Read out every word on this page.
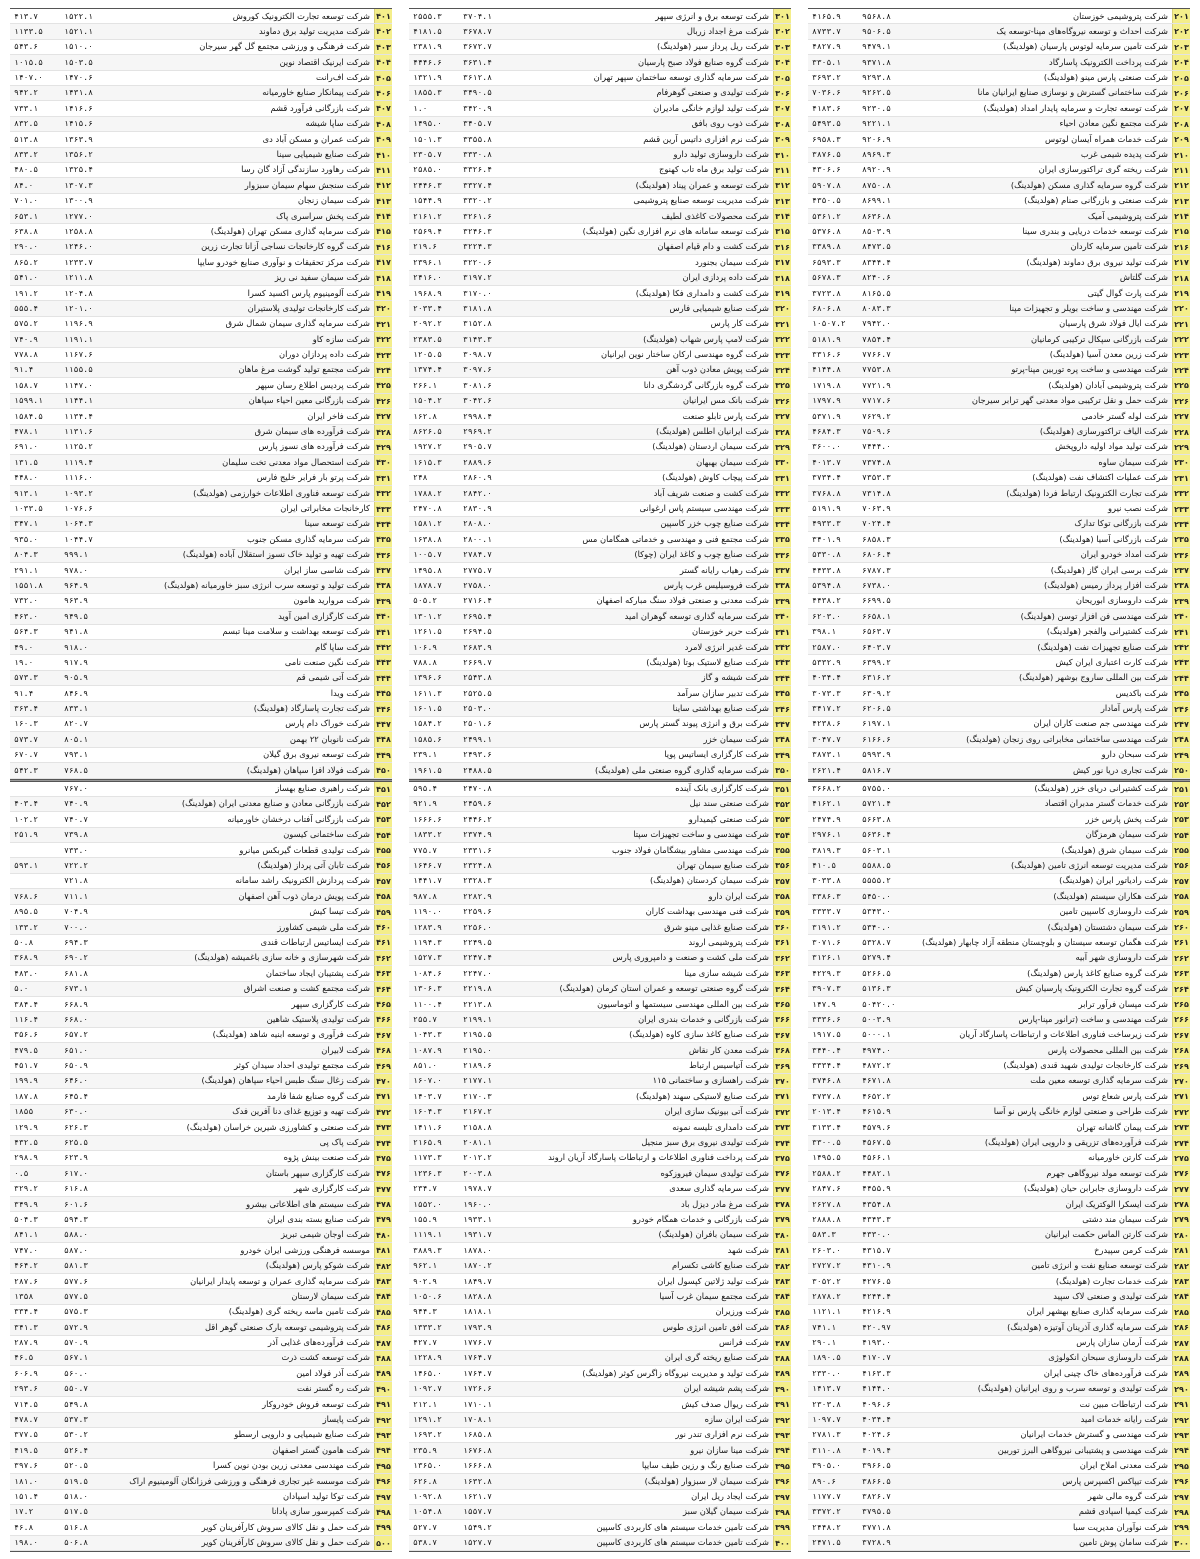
۴۰۱
شرکت توسعه تجارت الکترونیک کوروش
۱۵۲۲.۱
۴۱۳.۷
۴۰۲
شرکت مدیریت تولید برق دماوند
۱۵۲۱.۱
۱۱۳۳.۵
۴۰۳
شرکت فرهنگی و ورزشی مجتمع گل گهر سیرجان
۱۵۱۰.۰
۵۴۳.۶
۴۰۴
شرکت ایرنیک اقتصاد نوین
۱۵۰۳.۵
۱۰۱۵.۵
۴۰۵
شرکت اف‌رانت
۱۴۷۰.۶
۱۴۰۷.۰
۴۰۶
شرکت پیمانکار صنایع خاورمیانه
۱۴۳۱.۸
۹۴۲.۲
۴۰۷
شرکت بازرگانی فرآورد قشم
۱۴۱۶.۶
۷۳۳.۱
۴۰۸
شرکت ساپا شیشه
۱۴۱۵.۶
۸۳۲.۵
۴۰۹
شرکت عمران و مسکن آباد دی
۱۳۶۳.۹
۵۱۳.۸
۴۱۰
شرکت صنایع شیمیایی سینا
۱۳۵۶.۲
۸۳۳.۲
۴۱۱
شرکت رهاورد سازندگی آزاد گان رسا
۱۳۲۵.۴
۴۸۰.۵
۴۱۲
شرکت سنجش سهام سیمان سبزوار
۱۳۰۷.۳
۸۴.۰
۴۱۳
شرکت سیمان زنجان
۱۳۰۰.۹
۷۰۱.۰
۴۱۴
شرکت پخش سراسری پاک
۱۲۷۷.۰
۶۵۳.۱
۴۱۵
شرکت سرمایه گذاری مسکن تهران (هولدینگ)
۱۲۵۸.۸
۶۳۸.۸
۴۱۶
شرکت گروه کارخانجات نساجی آزانا تجارت زرین
۱۲۴۶.۰
۲۹۰.۰
۴۱۷
شرکت مرکز تحقیقات و نوآوری صنایع خودرو سایپا
۱۲۳۳.۷
۸۶۵.۲
۴۱۸
شرکت سیمان سفید نی ریز
۱۲۱۱.۸
۵۴۱.۰
۴۱۹
شرکت آلومینیوم پارس اکسید کسرا
۱۲۰۴.۸
۱۹۱.۲
۴۲۰
شرکت کارخانجات تولیدی پلاستیران
۱۲۰۱.۰
۵۵۵.۴
۴۲۱
شرکت سرمایه گذاری سیمان شمال شرق
۱۱۹۶.۹
۵۷۵.۲
۴۲۲
شرکت سازه کاو
۱۱۹۱.۱
۷۴۰.۹
۴۲۳
شرکت داده پردازان دوران
۱۱۶۷.۶
۷۷۸.۸
۴۲۴
شرکت مجتمع تولید گوشت مرغ ماهان
۱۱۵۵.۵
۹۱.۴
۴۲۵
شرکت پردیس اطلاع رسان سپهر
۱۱۴۷.۰
۱۵۸.۷
۴۲۶
شرکت بازرگانی معین احیاء سپاهان
۱۱۴۴.۱
۱۵۹۹.۱
۴۲۷
شرکت فاخر ایران
۱۱۳۴.۴
۱۵۸۴.۵
۴۲۸
شرکت فرآورده های سیمان شرق
۱۱۳۱.۶
۴۷۸.۱
۴۲۹
شرکت فرآورده های نسوز پارس
۱۱۲۵.۲
۶۹۱.۰
۴۳۰
شرکت استحصال مواد معدنی تخت سلیمان
۱۱۱۹.۴
۱۳۱.۵
۴۳۱
شرکت پرتو بار فرابر خلیج فارس
۱۱۱۶.۰
۴۴۸.۰
۴۳۲
شرکت توسعه فناوری اطلاعات خوارزمی (هولدینگ)
۱۰۹۳.۲
۹۱۳.۱
۴۳۳
کارخانجات مخابراتی ایران
۱۰۷۶.۶
۱۰۳۳.۵
۴۳۴
شرکت توسعه سینا
۱۰۶۴.۳
۳۴۷.۱
۴۳۵
شرکت سرمایه گذاری مسکن جنوب
۱۰۴۴.۷
۹۳۵.۰
۴۳۶
شرکت تهیه و تولید خاک نسوز استقلال آباده (هولدینگ)
۹۹۹.۱
۸۰۴.۳
۴۳۷
شرکت شاسی ساز ایران
۹۷۸.۰
۲۹۱.۱
۴۳۸
شرکت تولید و توسعه سرب انرژی سبز خاورمیانه (هولدینگ)
۹۶۴.۹
۱۵۵۱.۸
۴۳۹
شرکت مروارید هامون
۹۶۳.۹
۷۳۲.۰
۴۴۰
شرکت کارگزاری امین آوید
۹۴۹.۵
۴۶۳.۰
۴۴۱
شرکت توسعه بهداشت و سلامت مینا تبسم
۹۴۱.۸
۵۶۴.۳
۴۴۲
شرکت ساپا گام
۹۱۸.۰
۴۹.۰
۴۴۳
شرکت نگین صنعت نامی
۹۱۷.۹
۱۹.۰
۴۴۴
شرکت آتی شیمی قم
۹۰۵.۹
۵۷۳.۳
۴۴۵
شرکت ویدا
۸۴۶.۹
۹۱.۴
۴۴۶
شرکت تجارت پاسارگاد (هولدینگ)
۸۳۳.۱
۳۶۳.۴
۴۴۷
شرکت خوراک دام پارس
۸۲۰.۷
۱۶۰.۳
۴۴۸
شرکت نانوبان ۲۲ بهمن
۸۰۵.۱
۵۷۳.۷
۴۴۹
شرکت توسعه نیروی برق گیلان
۷۹۳.۱
۶۷۰.۷
۴۵۰
شرکت فولاد افزا سپاهان (هولدینگ)
۷۶۸.۵
۵۴۲.۳
۴۵۱
شرکت راهبری صنایع بهساز
۷۶۷.۰
۴۵۲
شرکت بازرگانی معادن و صنایع معدنی ایران (هولدینگ)
۷۴۰.۹
۴۰۳.۴
۴۵۳
شرکت بازرگانی آفتاب درخشان خاورمیانه
۷۴۰.۷
۱۰۲.۲
۴۵۴
شرکت ساختمانی کیسون
۷۳۹.۸
۲۵۱.۹
۴۵۵
شرکت تولیدی قطعات گیربکس میانرو
۷۳۳.۰
۴۵۶
شرکت تابان آتی پرداز (هولدینگ)
۷۲۲.۲
۵۹۳.۱
۴۵۷
شرکت پردازش الکترونیک راشد سامانه
۷۲۱.۸
۴۵۸
شرکت پویش درمان ذوب آهن اصفهان
۷۱۱.۱
۷۶۸.۶
۴۵۹
شرکت تیسا کیش
۷۰۴.۹
۸۹۵.۵
۴۶۰
شرکت ملی شیمی کشاورز
۷۰۰.۰
۱۳۳.۲
۴۶۱
شرکت ایساتیس ارتباطات قندی
۶۹۴.۳
۵۰.۸
۴۶۲
شرکت شهرسازی و خانه سازی باغمیشه (هولدینگ)
۶۹۰.۲
۳۶۸.۹
۴۶۳
شرکت پشتیبان ایجاد ساختمان
۶۸۱.۸
۴۸۳.۰
۴۶۴
شرکت مجتمع کشت و صنعت اشراق
۶۷۳.۱
۵.۰
۴۶۵
شرکت کارگزاری سپهر
۶۶۸.۹
۳۸۴.۴
۴۶۶
شرکت تولیدی پلاستیک شاهین
۶۶۸.۰
۱۱۶.۴
۴۶۷
شرکت فرآوری و توسعه ابنیه شاهد (هولدینگ)
۶۵۷.۲
۳۵۶.۶
۴۶۸
شرکت لابیران
۶۵۱.۰
۴۷۹.۵
۴۶۹
شرکت مجتمع تولیدی احداد سیدان کوثر
۶۵۰.۹
۴۵۱.۷
۴۷۰
شرکت زغال سنگ طبس احیاء سپاهان (هولدینگ)
۶۴۶.۰
۱۹۹.۹
۴۷۱
شرکت گروه صنایع شفا فارمد
۶۴۵.۴
۱۸۷.۸
۴۷۲
شرکت تهیه و توزیع غذای دنا آفرین فدک
۶۳۰.۰
۱۸۵۵
۴۷۳
شرکت صنعتی و کشاورزی شیرین خراسان (هولدینگ)
۶۲۶.۳
۱۲۹.۹
۴۷۴
شرکت پاک پی
۶۲۵.۵
۴۳۲.۵
۴۷۵
شرکت صنعت بینش پژوه
۶۲۳.۹
۲۹۸.۹
۴۷۶
شرکت کارگزاری سپهر باستان
۶۱۷.۰
۰.۵
۴۷۷
شرکت کارگزاری شهر
۶۱۶.۸
۳۲۹.۲
۴۷۸
شرکت سیستم های اطلاعاتی بیشرو
۶۰۱.۶
۳۴۹.۹
۴۷۹
شرکت صنایع بسته بندی ایران
۵۹۴.۳
۵۰۴.۳
۴۸۰
شرکت اوجان شیمی تبریز
۵۸۸.۰
۸۴۱.۱
۴۸۱
موسسه فرهنگی ورزشی ایران خودرو
۵۸۷.۰
۷۴۷.۰
۴۸۲
شرکت شوکو پارس (هولدینگ)
۵۸۱.۳
۴۶۴.۲
۴۸۳
شرکت سرمایه گذاری عمران و توسعه پایدار ایرانیان
۵۷۷.۶
۲۸۷.۶
۴۸۴
شرکت سیمان لارستان
۵۷۷.۵
۱۳۵۸
۴۸۵
شرکت تامین ماسه ریخته گری (هولدینگ)
۵۷۵.۳
۳۳۴.۴
۴۸۶
شرکت پتروشیمی توسعه بارک صنعتی گوهر اقل
۵۷۲.۹
۳۴۱.۳
۴۸۷
شرکت فرآورده‌های غذایی آذر
۵۷۰.۹
۲۸۷.۹
۴۸۸
شرکت توسعه کشت ذرت
۵۶۷.۱
۴۶.۵
۴۸۹
شرکت آذر فولاد امین
۵۶۰.۰
۶۰۶.۹
۴۹۰
شرکت ره گستر نفت
۵۵۰.۷
۲۹۳.۶
۴۹۱
شرکت توسعه فروش خودروکار
۵۴۹.۸
۷۱۴.۵
۴۹۲
شرکت پایساز
۵۳۷.۳
۴۷۸.۷
۴۹۳
شرکت صنایع شیمیایی و دارویی ارسطو
۵۳۰.۲
۳۷۷.۵
۴۹۴
شرکت هامون گستر اصفهان
۵۲۶.۴
۴۱۹.۵
۴۹۵
شرکت مهندسی معدنی زرین بودن نوین کسرا
۵۲۰.۵
۳۹۷.۶
۴۹۶
شرکت موسسه غیر تجاری فرهنگی و ورزشی فرزانگان آلومینیوم اراک
۵۱۹.۵
۱۸۱.۰
۴۹۷
شرکت توکا تولید اسپادان
۵۱۸.۰
۱۵۱.۴
۴۹۸
شرکت کمپرسور سازی پادانا
۵۱۷.۵
۱۷.۲
۴۹۹
شرکت حمل و نقل کالای سروش کارآفرینان کویر
۵۱۶.۸
۴۶.۸
۵۰۰
شرکت حمل و نقل کالای سروش کارآفرینان کویر
۵۰۶.۸
۱۹۸.۰
۳۰۱
شرکت توسعه برق و انرژی سپهر
۳۷۰۴.۱
۲۵۵۵.۳
۳۰۲
شرکت مرغ اجداد زربال
۳۶۷۸.۷
۴۱۸۱.۵
۳۰۳
شرکت ریل پرداز سیر (هولدینگ)
۳۶۷۲.۷
۲۳۸۱.۹
۳۰۴
شرکت گروه صنایع فولاد صبح پارسیان
۳۶۳۱.۴
۴۴۴۶.۶
۳۰۵
شرکت سرمایه گذاری توسعه ساختمان سپهر تهران
۳۶۱۲.۸
۱۳۲۱.۹
۳۰۶
شرکت تولیدی و صنعتی گوهرفام
۳۴۹۰.۵
۱۸۵۵.۳
۳۰۷
شرکت تولید لوازم خانگی مادیران
۳۴۲۰.۹
۱.۰
۳۰۸
شرکت ذوب روی بافق
۳۴۰۵.۷
۱۴۹۵.۰
۳۰۹
شرکت نرم افزاری داتیس آرین قشم
۳۳۵۵.۸
۱۵۰۱.۳
۳۱۰
شرکت داروسازی تولید دارو
۳۳۳۰.۸
۲۳۰۵.۷
۳۱۱
شرکت تولید برق ماه تاب کهنوج
۳۳۲۶.۴
۲۵۸۵.۰
۳۱۲
شرکت توسعه و عمران پیناد (هولدینگ)
۳۳۲۷.۴
۲۴۴۶.۳
۳۱۳
شرکت مدیریت توسعه صنایع پتروشیمی
۳۳۲۰.۲
۱۵۴۴.۹
۳۱۴
شرکت محصولات کاغذی لطیف
۳۲۶۱.۶
۲۱۶۱.۲
۳۱۵
شرکت توسعه سامانه های نرم افزاری نگین (هولدینگ)
۳۲۴۶.۳
۲۵۶۹.۴
۳۱۶
شرکت کشت و دام قیام اصفهان
۳۲۲۴.۳
۲۱۹.۶
۳۱۷
شرکت سیمان بجنورد
۳۲۲۰.۶
۲۳۹۶.۱
۳۱۸
شرکت داده پردازی ایران
۳۱۹۷.۲
۲۴۱۶.۰
۳۱۹
شرکت کشت و دامداری فکا (هولدینگ)
۳۱۷۰.۰
۱۹۶۸.۹
۳۲۰
شرکت صنایع شیمیایی فارس
۳۱۸۱.۸
۲۰۳۳.۴
۳۲۱
شرکت کار پارس
۳۱۵۲.۸
۲۰۹۲.۲
۳۲۲
شرکت لامپ پارس شهاب (هولدینگ)
۳۱۴۳.۳
۲۳۸۳.۵
۳۲۳
شرکت گروه مهندسی ارکان ساختار نوین ایرانیان
۳۰۹۸.۷
۱۲۰۵.۵
۳۲۴
شرکت پویش معادن ذوب آهن
۳۰۹۷.۶
۱۳۷۴.۴
۳۲۵
شرکت گروه بازرگانی گردشگری دانا
۳۰۸۱.۶
۲۶۶.۱
۳۲۶
شرکت بانک مس ایرانیان
۳۰۴۲.۶
۱۵۰۴.۲
۳۲۷
شرکت پارس تابلو صنعت
۲۹۹۸.۴
۱۶۲.۸
۳۲۸
شرکت ایرانیان اطلس (هولدینگ)
۲۹۶۹.۲
۸۶۲۶.۵
۳۲۹
شرکت سیمان اردستان (هولدینگ)
۲۹۰۵.۷
۱۹۲۷.۲
۳۳۰
شرکت سیمان بهبهان
۲۸۸۹.۶
۱۶۱۵.۳
۳۳۱
شرکت پیچاب کاوش (هولدینگ)
۲۸۶۰.۹
۲۴۸
۳۳۲
شرکت کشت و صنعت شریف آباد
۲۸۴۲.۰
۱۷۸۸.۲
۳۳۳
شرکت مهندسی سیستم پاس ارغوانی
۲۸۳۰.۹
۲۴۷۰.۸
۳۳۴
شرکت صنایع چوب خزر کاسپین
۲۸۰۸.۰
۱۵۸۱.۲
۳۳۵
شرکت مجتمع فنی و مهندسی و خدماتی همگامان مس
۲۸۰۰.۱
۱۶۳۸.۸
۳۳۶
شرکت صنایع چوب و کاغذ ایران (چوکا)
۲۷۸۴.۷
۱۰۰۵.۷
۳۳۷
شرکت رهیاب رایانه گستر
۲۷۷۵.۷
۱۴۹۵.۸
۳۳۸
شرکت فروسیلیس غرب پارس
۲۷۵۸.۰
۱۸۷۸.۷
۳۳۹
شرکت معدنی و صنعتی فولاد سنگ مبارکه اصفهان
۲۷۱۶.۴
۵۰۵.۲
۳۴۰
شرکت سرمایه گذاری توسعه گوهران امید
۲۶۹۵.۴
۱۳۰۱.۲
۳۴۱
شرکت حریر خوزستان
۲۶۹۴.۵
۱۲۶۱.۵
۳۴۲
شرکت غدیر انرژی لامرد
۲۶۸۳.۹
۱۰۶.۹
۳۴۳
شرکت صنایع لاستیک بوتا (هولدینگ)
۲۶۶۹.۷
۷۸۸.۸
۳۴۴
شرکت شیشه و گاز
۲۵۴۳.۸
۱۳۹۶.۶
۳۴۵
شرکت تدبیر سازان سرآمد
۲۵۲۵.۵
۱۶۱۱.۳
۳۴۶
شرکت صنایع بهداشتی ساینا
۲۵۰۳.۰
۱۶۰۱.۵
۳۴۷
شرکت برق و انرژی پیوند گستر پارس
۲۵۰۱.۶
۱۵۸۴.۲
۳۴۸
شرکت سیمان خزر
۲۴۹۹.۱
۱۵۸۵.۶
۳۴۹
شرکت کارگزاری ایساتیس پویا
۲۴۹۳.۶
۲۳۹.۱
۳۵۰
شرکت سرمایه گذاری گروه صنعتی ملی (هولدینگ)
۲۴۸۸.۵
۱۹۶۱.۵
۳۵۱
شرکت کارگزاری بانک آینده
۲۴۷۰.۸
۵۹۵.۴
۳۵۲
شرکت صنعتی سند نیل
۲۴۵۹.۶
۹۲۱.۹
۳۵۳
شرکت صنعتی کیمیدارو
۲۴۴۶.۲
۱۶۶۶.۶
۳۵۴
شرکت مهندسی و ساخت تجهیزات سپتا
۲۳۷۴.۹
۱۸۳۳.۲
۳۵۵
شرکت مهندسی مشاور بیشگامان فولاد جنوب
۲۳۳۱.۶
۷۷۵.۷
۳۵۶
شرکت صنایع سیمان تهران
۲۳۲۴.۸
۱۶۴۶.۷
۳۵۷
شرکت سیمان کردستان (هولدینگ)
۲۳۲۸.۳
۱۴۴۱.۷
۳۵۸
شرکت ایران دارو
۲۲۸۲.۹
۹۸۷.۸
۳۵۹
شرکت فنی مهندسی بهداشت کاران
۲۲۵۹.۶
۱۱۹۰.۰
۳۶۰
شرکت صنایع غذایی مینو شرق
۲۲۵۶.۰
۱۲۸۳.۹
۳۶۱
شرکت پتروشیمی اروند
۲۲۴۹.۵
۱۱۹۴.۳
۳۶۲
شرکت ملی کشت و صنعت و دامپروری پارس
۲۲۴۷.۴
۱۵۲۷.۳
۳۶۳
شرکت شیشه سازی مینا
۲۲۴۷.۰
۱۰۸۴.۶
۳۶۴
شرکت گروه صنعتی توسعه و عمران استان کرمان (هولدینگ)
۲۲۱۹.۸
۱۳۰۶.۳
۳۶۵
شرکت بین المللی مهندسی سیستمها و اتوماسیون
۲۲۱۳.۸
۱۱۰۰.۴
۳۶۶
شرکت بازرگانی و خدمات بندری ایران
۲۱۹۹.۱
۲۵۵.۷
۳۶۷
شرکت صنایع کاغذ سازی کاوه (هولدینگ)
۲۱۹۵.۵
۱۰۴۳.۳
۳۶۸
شرکت معدن کار نقاش
۲۱۹۵.۰
۱۰۸۷.۹
۳۶۹
شرکت آتیاسیس ارتباط
۲۱۸۹.۶
۸۵۱.۰
۳۷۰
شرکت راهسازی و ساختمانی ۱۱۵
۲۱۷۷.۱
۱۶۰۷.۰
۳۷۱
شرکت صنایع لاستیکی سهند (هولدینگ)
۲۱۷۰.۳
۱۴۰۳.۷
۳۷۲
شرکت آتی بیونیک سازی ایران
۲۱۶۷.۲
۱۶۰۴.۳
۳۷۳
شرکت دامداری تلیسه نمونه
۲۱۵۸.۸
۱۴۱۱.۶
۳۷۴
شرکت تولیدی نیروی برق سبز منجیل
۲۰۸۱.۱
۲۱۶۵.۹
۳۷۵
شرکت پرداخت فناوری اطلاعات و ارتباطات پاسارگاد آریان اروند
۲۰۱۲.۲
۱۱۷۳.۳
۳۷۶
شرکت تولیدی سیمان فیروزکوه
۲۰۰۳.۸
۱۲۳۶.۳
۳۷۷
شرکت سرمایه گذاری سعدی
۱۹۷۸.۷
۲۳۴.۷
۳۷۸
شرکت مرغ مادر دیزل باد
۱۹۶۰.۰
۱۵۵۲.۰
۳۷۹
شرکت بازرگانی و خدمات همگام خودرو
۱۹۳۳.۱
۱۵۵.۹
۳۸۰
شرکت سیمان بافران (هولدینگ)
۱۹۳۱.۷
۱۱۱۹.۱
۳۸۱
شرکت شهد
۱۸۷۸.۰
۳۸۸۹.۳
۳۸۲
شرکت صنایع کاشی تکسرام
۱۸۷۰.۲
۹۶۲.۱
۳۸۳
شرکت تولید ژلاتین کپسول ایران
۱۸۴۹.۷
۹۰۲.۹
۳۸۴
شرکت مجتمع سیمان غرب آسیا
۱۸۲۸.۸
۱۰۵۰.۶
۳۸۵
شرکت ورزیران
۱۸۱۸.۱
۹۴۴.۳
۳۸۶
شرکت افق تامین انرژی طوس
۱۷۹۳.۹
۱۳۳۳.۲
۳۸۷
شرکت فرانس
۱۷۷۶.۷
۴۲۷.۷
۳۸۸
شرکت صنایع ریخته گری ایران
۱۷۶۴.۷
۱۲۲۸.۹
۳۸۹
شرکت تولید و مدیریت نیروگاه زاگرس کوثر (هولدینگ)
۱۷۶۴.۷
۱۴۶۵.۰
۳۹۰
شرکت پشم شیشه ایران
۱۷۲۶.۶
۱۰۹۲.۷
۳۹۱
شرکت ریوال صدف کیش
۱۷۱۰.۱
۲۱۲.۱
۳۹۲
شرکت ایران سازه
۱۷۰۸.۱
۱۲۹۱.۲
۳۹۳
شرکت نرم افزاری تندر نور
۱۶۸۵.۸
۱۶۹۳.۲
۳۹۴
شرکت مینا سازان نیرو
۱۶۷۶.۸
۲۳۵.۹
۳۹۵
شرکت صنایع رنگ و رزین طیف سایپا
۱۶۶۶.۸
۱۳۶۵.۰
۳۹۶
شرکت سیمان لار سبزوار (هولدینگ)
۱۶۳۲.۸
۶۲۶.۸
۳۹۷
شرکت ایجاد ریل ایران
۱۶۲۱.۷
۱۰۹۲.۸
۳۹۸
شرکت سیمان گیلان سبز
۱۵۵۷.۷
۱۰۵۴.۸
۳۹۹
شرکت تامین خدمات سیستم های کاربردی کاسپین
۱۵۴۹.۲
۵۲۷.۷
۴۰۰
شرکت تامین خدمات سیستم های کاربردی کاسپین
۱۵۲۷.۷
۵۳۸.۷
۲۰۱
شرکت پتروشیمی خوزستان
۹۵۶۸.۸
۴۱۶۵.۹
۲۰۲
شرکت احداث و توسعه نیروگاه‌های مپنا-توسعه یک
۹۵۰۶.۵
۸۷۳۳.۷
۲۰۳
شرکت تامین سرمایه لوتوس پارسیان (هولدینگ)
۹۴۷۹.۱
۴۸۲۷.۹
۲۰۴
شرکت پرداخت الکترونیک پاسارگاد
۹۳۷۱.۸
۳۳۰۵.۱
۲۰۵
شرکت صنعتی پارس مینو (هولدینگ)
۹۲۹۳.۸
۳۶۹۳.۲
۲۰۶
شرکت ساختمانی گسترش و نوسازی صنایع ایرانیان مانا
۹۲۶۲.۵
۷۰۳۶.۶
۲۰۷
شرکت توسعه تجارت و سرمایه پایدار امداد (هولدینگ)
۹۲۳۰.۵
۴۱۸۳.۶
۲۰۸
شرکت مجتمع نگین معادن احیاء
۹۲۲۱.۱
۵۴۹۳.۵
۲۰۹
شرکت خدمات همراه آیسان لوتوس
۹۲۰۶.۹
۶۹۵۸.۳
۲۱۰
شرکت پدیده شیمی غرب
۸۹۶۹.۳
۳۸۷۶.۵
۲۱۱
شرکت ریخته گری تراکتورسازی ایران
۸۹۲۰.۹
۴۳۰۶.۶
۲۱۲
شرکت گروه سرمایه گذاری مسکن (هولدینگ)
۸۷۵۰.۸
۵۹۰۷.۸
۲۱۳
شرکت صنعتی و بازرگانی صنام (هولدینگ)
۸۶۹۹.۱
۴۳۵۰.۵
۲۱۴
شرکت پتروشیمی آمیک
۸۶۳۶.۸
۵۳۶۱.۲
۲۱۵
شرکت توسعه خدمات دریایی و بندری سینا
۸۵۰۳.۹
۵۳۷۶.۸
۲۱۶
شرکت تامین سرمایه کاردان
۸۴۷۳.۵
۳۳۸۹.۸
۲۱۷
شرکت تولید نیروی برق دماوند (هولدینگ)
۸۳۴۴.۴
۶۵۹۳.۳
۲۱۸
شرکت گلتاش
۸۲۴۰.۶
۵۶۷۸.۳
۲۱۹
شرکت پارت گوال گیتی
۸۱۶۵.۵
۳۷۲۳.۸
۲۲۰
شرکت مهندسی و ساخت بویلر و تجهیزات مپنا
۸۰۸۳.۳
۶۸۰۶.۸
۲۲۱
شرکت ایال فولاد شرق پارسیان
۷۹۴۲.۰
۱۰۵۰۷.۲
۲۲۲
شرکت بازرگانی سپکال ترکیبی کرمانیان
۷۸۵۴.۴
۵۱۸۱.۹
۲۲۳
شرکت زرین معدن آسیا (هولدینگ)
۷۷۶۶.۷
۳۳۱۶.۶
۲۲۴
شرکت مهندسی و ساخت پره توربین مپنا-پرتو
۷۷۵۳.۸
۴۱۴۴.۸
۲۲۵
شرکت پتروشیمی آبادان (هولدینگ)
۷۷۲۱.۹
۱۷۱۹.۸
۲۲۶
شرکت حمل و نقل ترکیبی مواد معدنی گهر ترابر سیرجان
۷۷۱۷.۶
۱۷۹۷.۹
۲۲۷
شرکت لوله گستر خادمی
۷۶۲۹.۲
۵۳۷۱.۹
۲۲۸
شرکت الیاف تراکتورسازی (هولدینگ)
۷۵۰۹.۶
۴۶۸۴.۳
۲۲۹
شرکت تولید مواد اولیه داروپخش
۷۴۴۴.۰
۳۶۰۰.۰
۲۳۰
شرکت سیمان ساوه
۷۳۷۴.۸
۴۰۱۳.۷
۲۳۱
شرکت عملیات اکتشاف نفت (هولدینگ)
۷۳۵۳.۳
۳۷۳۴.۴
۲۳۲
شرکت تجارت الکترونیک ارتباط فردا (هولدینگ)
۷۳۱۴.۸
۳۷۶۸.۸
۲۳۳
شرکت نصب نیرو
۷۰۶۳.۹
۵۱۹۱.۹
۲۳۴
شرکت بازرگانی توکا تدارک
۷۰۲۴.۴
۴۹۳۳.۳
۲۳۵
شرکت بازرگانی آسیا (هولدینگ)
۶۸۵۸.۳
۳۴۰۱.۹
۲۳۶
شرکت امداد خودرو ایران
۶۸۰۶.۴
۵۳۳۰.۸
۲۳۷
شرکت برسی ایران گاز (هولدینگ)
۶۷۸۷.۳
۴۴۳۳.۸
۲۳۸
شرکت افزار پرداز رمیس (هولدینگ)
۶۷۳۸.۰
۵۳۹۴.۸
۲۳۹
شرکت داروسازی ابوریحان
۶۶۹۹.۵
۴۴۳۸.۲
۲۴۰
شرکت مهندسی فن افزار توسن (هولدینگ)
۶۶۵۸.۱
۶۲۰۳.۰
۲۴۱
شرکت کشتیرانی والفجر (هولدینگ)
۶۵۶۳.۷
۳۹۸.۱
۲۴۲
شرکت صنایع تجهیزات نفت (هولدینگ)
۶۴۰۳.۷
۲۵۸۷.۰
۲۴۳
شرکت کارت اعتباری ایران کیش
۶۳۹۹.۲
۵۳۳۲.۹
۲۴۴
شرکت بین المللی ساروج بوشهر (هولدینگ)
۶۳۱۶.۲
۴۰۳۴.۴
۲۴۵
شرکت باکدیس
۶۳۰۹.۲
۳۰۷۳.۳
۲۴۶
شرکت پارس آمادار
۶۲۰۶.۵
۳۴۱۷.۲
۲۴۷
شرکت مهندسی جم صنعت کاران ایران
۶۱۹۷.۱
۴۲۳۸.۶
۲۴۸
شرکت مهندسی ساختمانی مخابراتی روی زنجان (هولدینگ)
۶۱۶۶.۶
۳۰۴۷.۷
۲۴۹
شرکت سبحان دارو
۵۹۹۳.۹
۳۸۷۳.۱
۲۵۰
شرکت تجاری دریا نور کیش
۵۸۱۶.۷
۲۶۲۱.۴
۲۵۱
شرکت کشتیرانی دریای خزر (هولدینگ)
۵۷۵۵.۰
۳۶۶۸.۲
۲۵۲
شرکت خدمات گستر مدبران اقتصاد
۵۷۲۱.۴
۴۱۶۲.۱
۲۵۳
شرکت پخش پارس خزر
۵۶۶۳.۸
۲۴۷۴.۹
۲۵۴
شرکت سیمان هرمزگان
۵۶۳۶.۴
۲۹۷۶.۱
۲۵۵
شرکت سیمان شرق (هولدینگ)
۵۶۰۳.۱
۳۸۱۹.۳
۲۵۶
شرکت مدیریت توسعه انرژی تامین (هولدینگ)
۵۵۸۸.۵
۴۱۰.۵
۲۵۷
شرکت رادیاتور ایران (هولدینگ)
۵۵۵۵.۲
۳۰۳۳.۸
۲۵۸
شرکت هکاران سیستم (هولدینگ)
۵۴۵۰.۰
۳۳۸۶.۳
۲۵۹
شرکت داروسازی کاسپین تامین
۵۳۴۳.۰
۳۳۳۳.۷
۲۶۰
شرکت سیمان دشتستان (هولدینگ)
۵۳۴۰.۰
۳۱۹۱.۲
۲۶۱
شرکت هگمان توسعه سیستان و بلوچستان منطقه آزاد چابهار (هولدینگ)
۵۳۲۸.۷
۳۰۷۱.۶
۲۶۲
شرکت داروسازی شهر آبیه
۵۲۷۹.۴
۳۱۲۶.۱
۲۶۳
شرکت گروه صنایع کاغذ پارس (هولدینگ)
۵۲۶۶.۵
۴۲۲۹.۳
۲۶۴
شرکت گروه تجارت الکترونیک پارسیان کیش
۵۱۳۶.۳
۳۹۰۷.۳
۲۶۵
شرکت مپسان فرآور ترابر
۵۰۴۲۰.۰
۱۴۷.۹
۲۶۶
شرکت مهندسی و ساخت (ترانور مپنا-پارس
۵۰۰۳.۹
۳۳۳۶.۶
۲۶۷
شرکت زیرساخت فناوری اطلاعات و ارتباطات پاسارگاد آریان
۵۰۰۰.۱
۱۹۱۷.۵
۲۶۸
شرکت بین المللی محصولات پارس
۴۹۷۴.۰
۳۴۴۰.۴
۲۶۹
شرکت کارخانجات تولیدی شهید قندی (هولدینگ)
۴۸۷۲.۲
۳۳۳۴.۴
۲۷۰
شرکت سرمایه گذاری توسعه معین ملت
۴۶۷۱.۸
۳۷۴۶.۸
۲۷۱
شرکت پارس شعاع توس
۴۶۵۲.۲
۳۷۳۷.۸
۲۷۲
شرکت طراحی و صنعتی لوازم خانگی پارس نو آسا
۴۶۱۵.۹
۲۰۱۳.۴
۲۷۳
شرکت پیمان گاشانه تهران
۴۵۷۹.۶
۳۱۳۳.۴
۲۷۴
شرکت فرآورده‌های تزریقی و دارویی ایران (هولدینگ)
۴۵۶۷.۵
۳۳۰۰.۵
۲۷۵
شرکت کارتن خاورمیانه
۴۵۶۶.۱
۱۴۹۵.۵
۲۷۶
شرکت توسعه مولد نیروگاهی جهرم
۴۴۸۲.۱
۲۵۸۸.۲
۲۷۷
شرکت داروسازی جابرابن حیان (هولدینگ)
۴۴۵۵.۹
۲۸۴۷.۶
۲۷۸
شرکت ایسکرا الوکتریک ایران
۴۳۵۴.۸
۲۶۲۷.۸
۲۷۹
شرکت سیمان مند دشتی
۴۳۴۳.۳
۲۸۸۸.۸
۲۸۰
شرکت کارتن الماس حکمت ایرانیان
۴۳۳۰.۰
۵۸۳.۳
۲۸۱
شرکت کرمن سپیدرخ
۴۳۱۵.۷
۲۶۰۳.۰
۲۸۲
شرکت توسعه صنایع نفت و انرژی تامین
۴۳۱۰.۹
۲۷۲۷.۲
۲۸۳
شرکت خدمات تجارت (هولدینگ)
۴۲۷۶.۵
۳۰۵۲.۲
۲۸۴
شرکت تولیدی و صنعتی لاک سپید
۴۲۴۴.۴
۲۸۷۸.۲
۲۸۵
شرکت سرمایه گذاری صنایع بهشهر ایران
۴۲۱۶.۹
۱۱۲۱.۱
۲۸۶
شرکت سرمایه گذاری آذرینان آوتیزه (هولدینگ)
۴۲۰.۹۷
۷۴۱.۱
۲۸۷
شرکت آرمان سازان پارس
۴۱۹۳.۰
۲۹۰.۱
۲۸۸
شرکت داروسازی سبحان انکولوژی
۴۱۷۰.۷
۱۸۹۰.۵
۲۸۹
شرکت فرآورده‌های خاک چینی ایران
۴۱۶۳.۳
۲۳۳۰.۰
۲۹۰
شرکت تولیدی و توسعه سرب و روی ایرانیان (هولدینگ)
۴۱۴۴.۰
۱۴۱۳.۷
۲۹۱
شرکت ارتباطات مبین نت
۴۰۹۶.۶
۲۳۰۳.۸
۲۹۲
شرکت رایانه خدمات امید
۴۰۳۴.۴
۱۰۹۷.۷
۲۹۳
شرکت مهندسی و گسترش خدمات ایرانیان
۴۰۲۴.۶
۲۷۸۱.۳
۲۹۴
شرکت مهندسی و پشتیبانی نیروگاهی البرز توربین
۴۰۱۹.۴
۳۱۱۰.۸
۲۹۵
شرکت معدنی املاح ایران
۳۹۶۶.۵
۳۹۰۵.۰
۲۹۶
شرکت تیپاکس اکسپرس پارس
۳۸۶۶.۵
۸۹۰.۶
۲۹۷
شرکت گروه مالی شهر
۳۸۲۶.۷
۱۱۷۷.۷
۲۹۸
شرکت کیمیا اسپادی قشم
۳۷۹۵.۵
۳۳۷۲.۲
۲۹۹
شرکت نوآوران مدیریت سبا
۳۷۷۱.۸
۲۴۴۸.۲
۳۰۰
شرکت سامان پوش تامین
۳۷۲۸.۹
۲۴۷۱.۵
